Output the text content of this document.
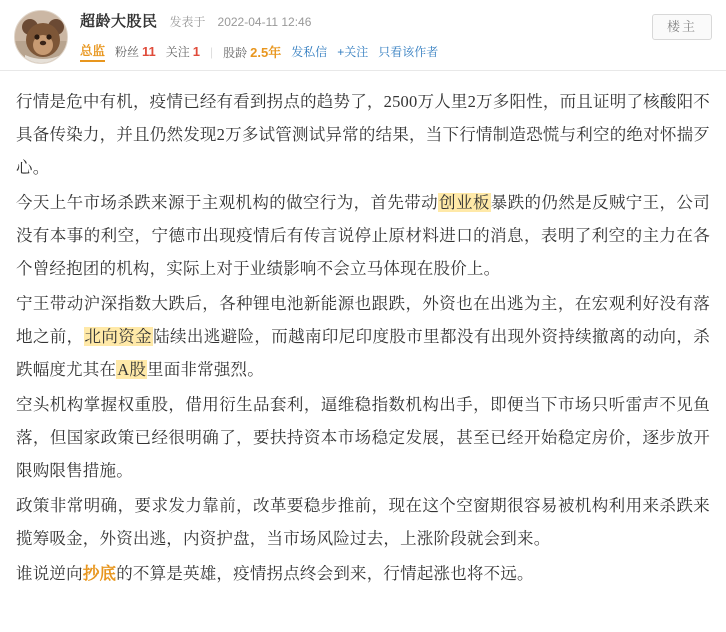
超龄大股民 发表于 2022-04-11 12:46
总监 粉丝 11 关注 1 | 股龄 2.5年 发私信 +关注 只看该作者
楼主

行情是危中有机，疫情已经有看到拐点的趋势了，2500万人里2万多阳性，而且证明了核酸阳不具备传染力，并且仍然发现2万多试管测试异常的结果，当下行情制造恐慌与利空的绝对怀揣歹心。

今天上午市场杀跌来源于主观机构的做空行为，首先带动创业板暴跌的仍然是反贼宁王，公司没有本事的利空，宁德市出现疫情后有传言说停止原材料进口的消息，表明了利空的主力在各个曾经抱团的机构，实际上对于业绩影响不会立马体现在股价上。

宁王带动沪深指数大跌后，各种锂电池新能源也跟跌，外资也在出逃为主，在宏观利好没有落地之前，北向资金陆续出逃避险，而越南印尼印度股市里都没有出现外资持续撤离的动向，杀跌幅度尤其在A股里面非常强烈。

空头机构掌握权重股，借用衍生品套利，逼维稳指数机构出手，即便当下市场只听雷声不见鱼落，但国家政策已经很明确了，要扶持资本市场稳定发展，甚至已经开始稳定房价，逐步放开限购限售措施。

政策非常明确，要求发力靠前，改革要稳步推前，现在这个空窗期很容易被机构利用来杀跌来揽筹吸金，外资出逃，内资护盘，当市场风险过去，上涨阶段就会到来。

谁说逆向抄底的不算是英雄，疫情拐点终会到来，行情起涨也将不远。
